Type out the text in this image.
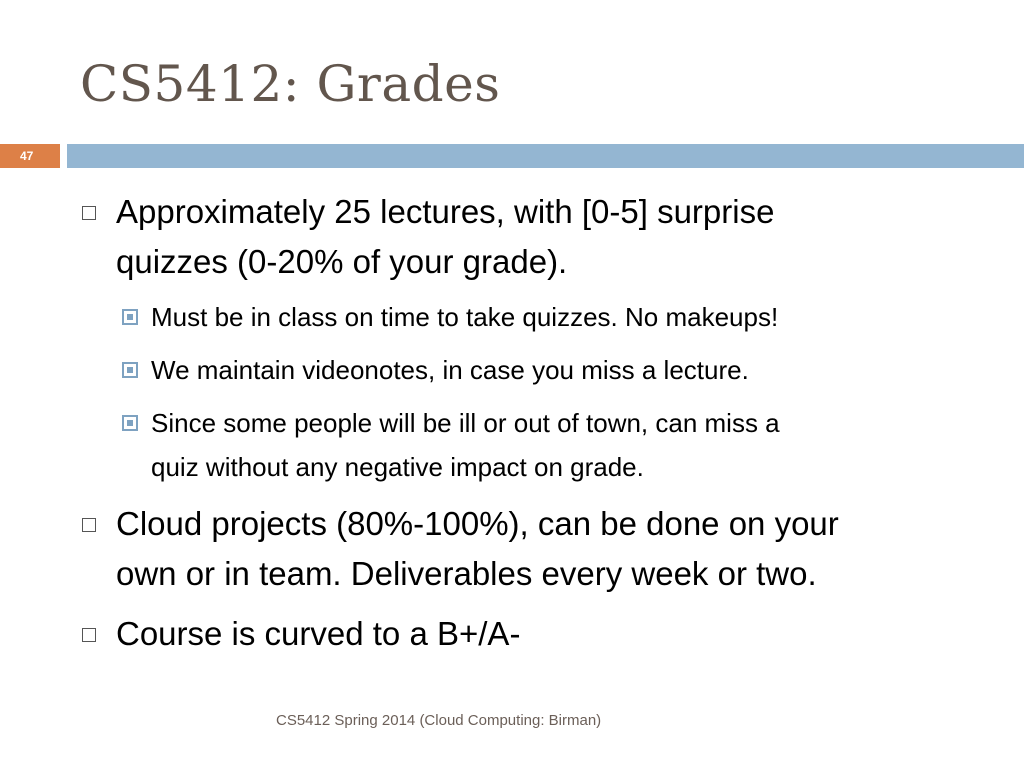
CS5412: Grades
47
Approximately 25 lectures, with [0-5] surprise
quizzes (0-20% of your grade).
Must be in class on time to take quizzes. No makeups!
We maintain videonotes, in case you miss a lecture.
Since some people will be ill or out of town, can miss a
quiz without any negative impact on grade.
Cloud projects (80%-100%), can be done on your
own or in team. Deliverables every week or two.
Course is curved to a B+/A-
CS5412 Spring 2014 (Cloud Computing: Birman)
